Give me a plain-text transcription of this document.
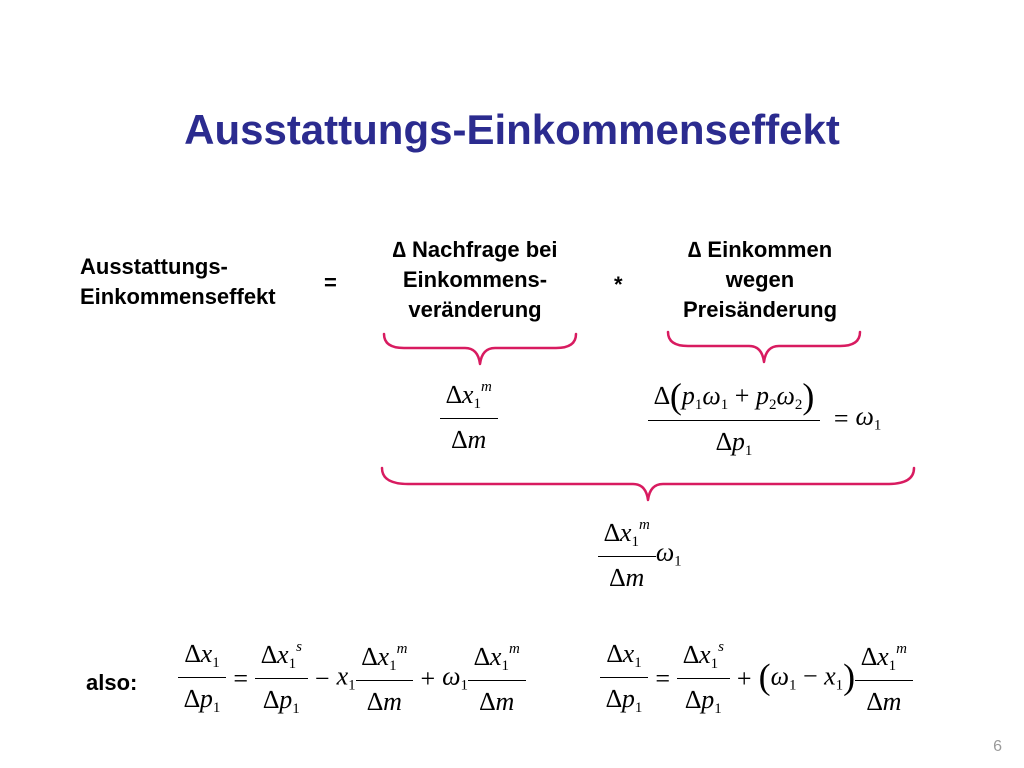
Ausstattungs-Einkommenseffekt
Ausstattungs-
Einkommenseffekt
=
∆ Nachfrage bei
Einkommens-
veränderung
*
∆ Einkommen
wegen
Preisänderung
$\frac{\Delta x_1^m}{\Delta m}$	$\frac{\Delta(p_1\omega_1 + p_2\omega_2)}{\Delta p_1} = \omega_1$
$\frac{\Delta x_1^m}{\Delta m} \omega_1$
also: $\frac{\Delta x_1}{\Delta p_1} = \frac{\Delta x_1^s}{\Delta p_1} - x_1 \frac{\Delta x_1^m}{\Delta m} + \omega_1 \frac{\Delta x_1^m}{\Delta m}$	$\frac{\Delta x_1}{\Delta p_1} = \frac{\Delta x_1^s}{\Delta p_1} + (\omega_1 - x_1) \frac{\Delta x_1^m}{\Delta m}$
6
